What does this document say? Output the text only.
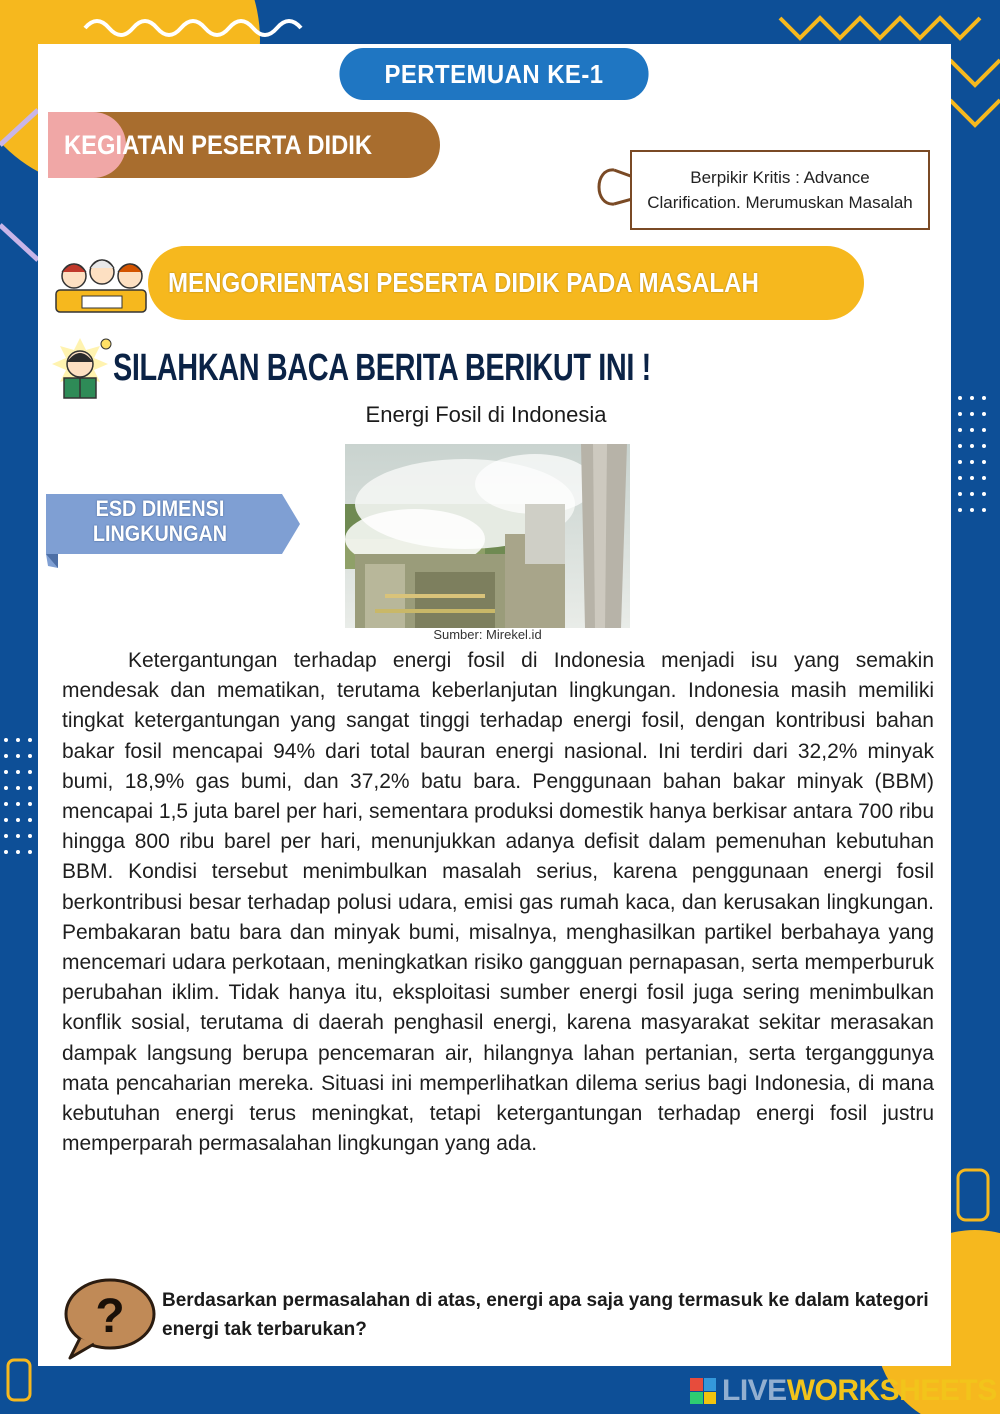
PERTEMUAN KE-1
KEGIATAN PESERTA DIDIK
Berpikir Kritis : Advance Clarification. Merumuskan Masalah
MENGORIENTASI PESERTA DIDIK PADA MASALAH
SILAHKAN BACA BERITA BERIKUT INI !
Energi Fosil di Indonesia
ESD DIMENSI LINGKUNGAN
Sumber: Mirekel.id

Ketergantungan terhadap energi fosil di Indonesia menjadi isu yang semakin mendesak dan mematikan, terutama keberlanjutan lingkungan. Indonesia masih memiliki tingkat ketergantungan yang sangat tinggi terhadap energi fosil, dengan kontribusi bahan bakar fosil mencapai 94% dari total bauran energi nasional. Ini terdiri dari 32,2% minyak bumi, 18,9% gas bumi, dan 37,2% batu bara. Penggunaan bahan bakar minyak (BBM) mencapai 1,5 juta barel per hari, sementara produksi domestik hanya berkisar antara 700 ribu hingga 800 ribu barel per hari, menunjukkan adanya defisit dalam pemenuhan kebutuhan BBM. Kondisi tersebut menimbulkan masalah serius, karena penggunaan energi fosil berkontribusi besar terhadap polusi udara, emisi gas rumah kaca, dan kerusakan lingkungan. Pembakaran batu bara dan minyak bumi, misalnya, menghasilkan partikel berbahaya yang mencemari udara perkotaan, meningkatkan risiko gangguan pernapasan, serta memperburuk perubahan iklim. Tidak hanya itu, eksploitasi sumber energi fosil juga sering menimbulkan konflik sosial, terutama di daerah penghasil energi, karena masyarakat sekitar merasakan dampak langsung berupa pencemaran air, hilangnya lahan pertanian, serta terganggunya mata pencaharian mereka. Situasi ini memperlihatkan dilema serius bagi Indonesia, di mana kebutuhan energi terus meningkat, tetapi ketergantungan terhadap energi fosil justru memperparah permasalahan lingkungan yang ada.

? Berdasarkan permasalahan di atas, energi apa saja yang termasuk ke dalam kategori energi tak terbarukan?

LIVE WORKSHEETS
